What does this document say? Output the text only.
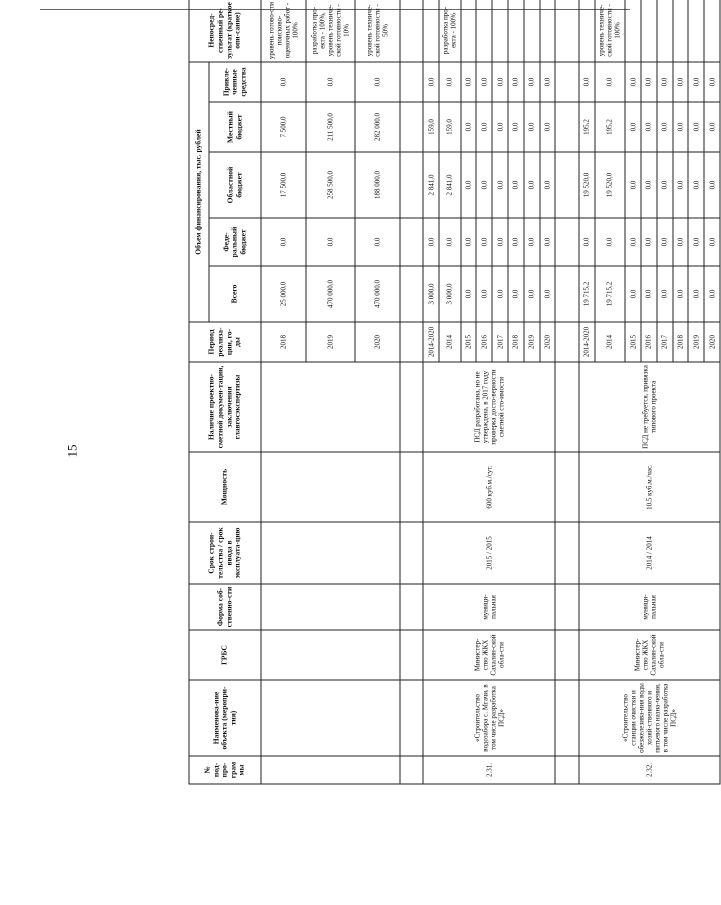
15
№ под-про-грам мы	Наименова-ние объекта (меропри-тия)	ГРБС	Форма соб-ственно-сти	Срок строи-тельства / срок ввода в эксплуата-цию	Мощность	Наличие проектно-сметной докумен-тации, заключения главгосэкспертизы	Период реализа-ции, го-ды	Объем финансирования, тыс. рублей					Непосред-ственный ре-зультат (краткое опи-сание)
								Всего	Феде-ральный бюджет	Областной бюджет	Местный бюджет	Привле-ченные средства	
							2018	25 000,0	0,0	17 500,0	7 500,0	0,0	уровень готово-сти поисково-оценочных работ - 100%
							2019	470 000,0	0,0	258 500,0	211 500,0	0,0	разработка про-екта - 100%, уровень техниче-ской готовности - 10%
							2020	470 000,0	0,0	188 000,0	282 000,0	0,0	уровень техниче-ской готовности - 50%

2.31.	«Строительство водозабора с. Мгачи, в том числе разработка ПСД»	Министер-ство ЖКХ Сахалин-ской обла-сти	муници-пальная	2015 / 2015	600 куб.м./сут.	ПСД разработана, но не утверждена, в 2017 году проверка досто-верности сметной сто-имости	2014-2020	3 000,0	0,0	2 841,0	159,0	0,0	
							2014	3 000,0	0,0	2 841,0	159,0	0,0	разработка про-екта - 100%
							2015	0,0	0,0	0,0	0,0	0,0	
							2016	0,0	0,0	0,0	0,0	0,0	
							2017	0,0	0,0	0,0	0,0	0,0	
							2018	0,0	0,0	0,0	0,0	0,0	
							2019	0,0	0,0	0,0	0,0	0,0	
							2020	0,0	0,0	0,0	0,0	0,0	

2.32.	«Строительство станции очистки и обезжелезива-ния воды хозяй-ственного и питьевого назна-чения, в том числе разработка ПСД»	Министер-ство ЖКХ Сахалин-ской обла-сти	муници-пальная	2014 / 2014	10,5 куб.м./час.	ПСД не требуется, привязка типового проекта	2014-2020	19 715,2	0,0	19 520,0	195,2	0,0	
							2014	19 715,2	0,0	19 520,0	195,2	0,0	уровень техниче-ской готовности - 100%
							2015	0,0	0,0	0,0	0,0	0,0	
							2016	0,0	0,0	0,0	0,0	0,0	
							2017	0,0	0,0	0,0	0,0	0,0	
							2018	0,0	0,0	0,0	0,0	0,0	
							2019	0,0	0,0	0,0	0,0	0,0	
							2020	0,0	0,0	0,0	0,0	0,0	
